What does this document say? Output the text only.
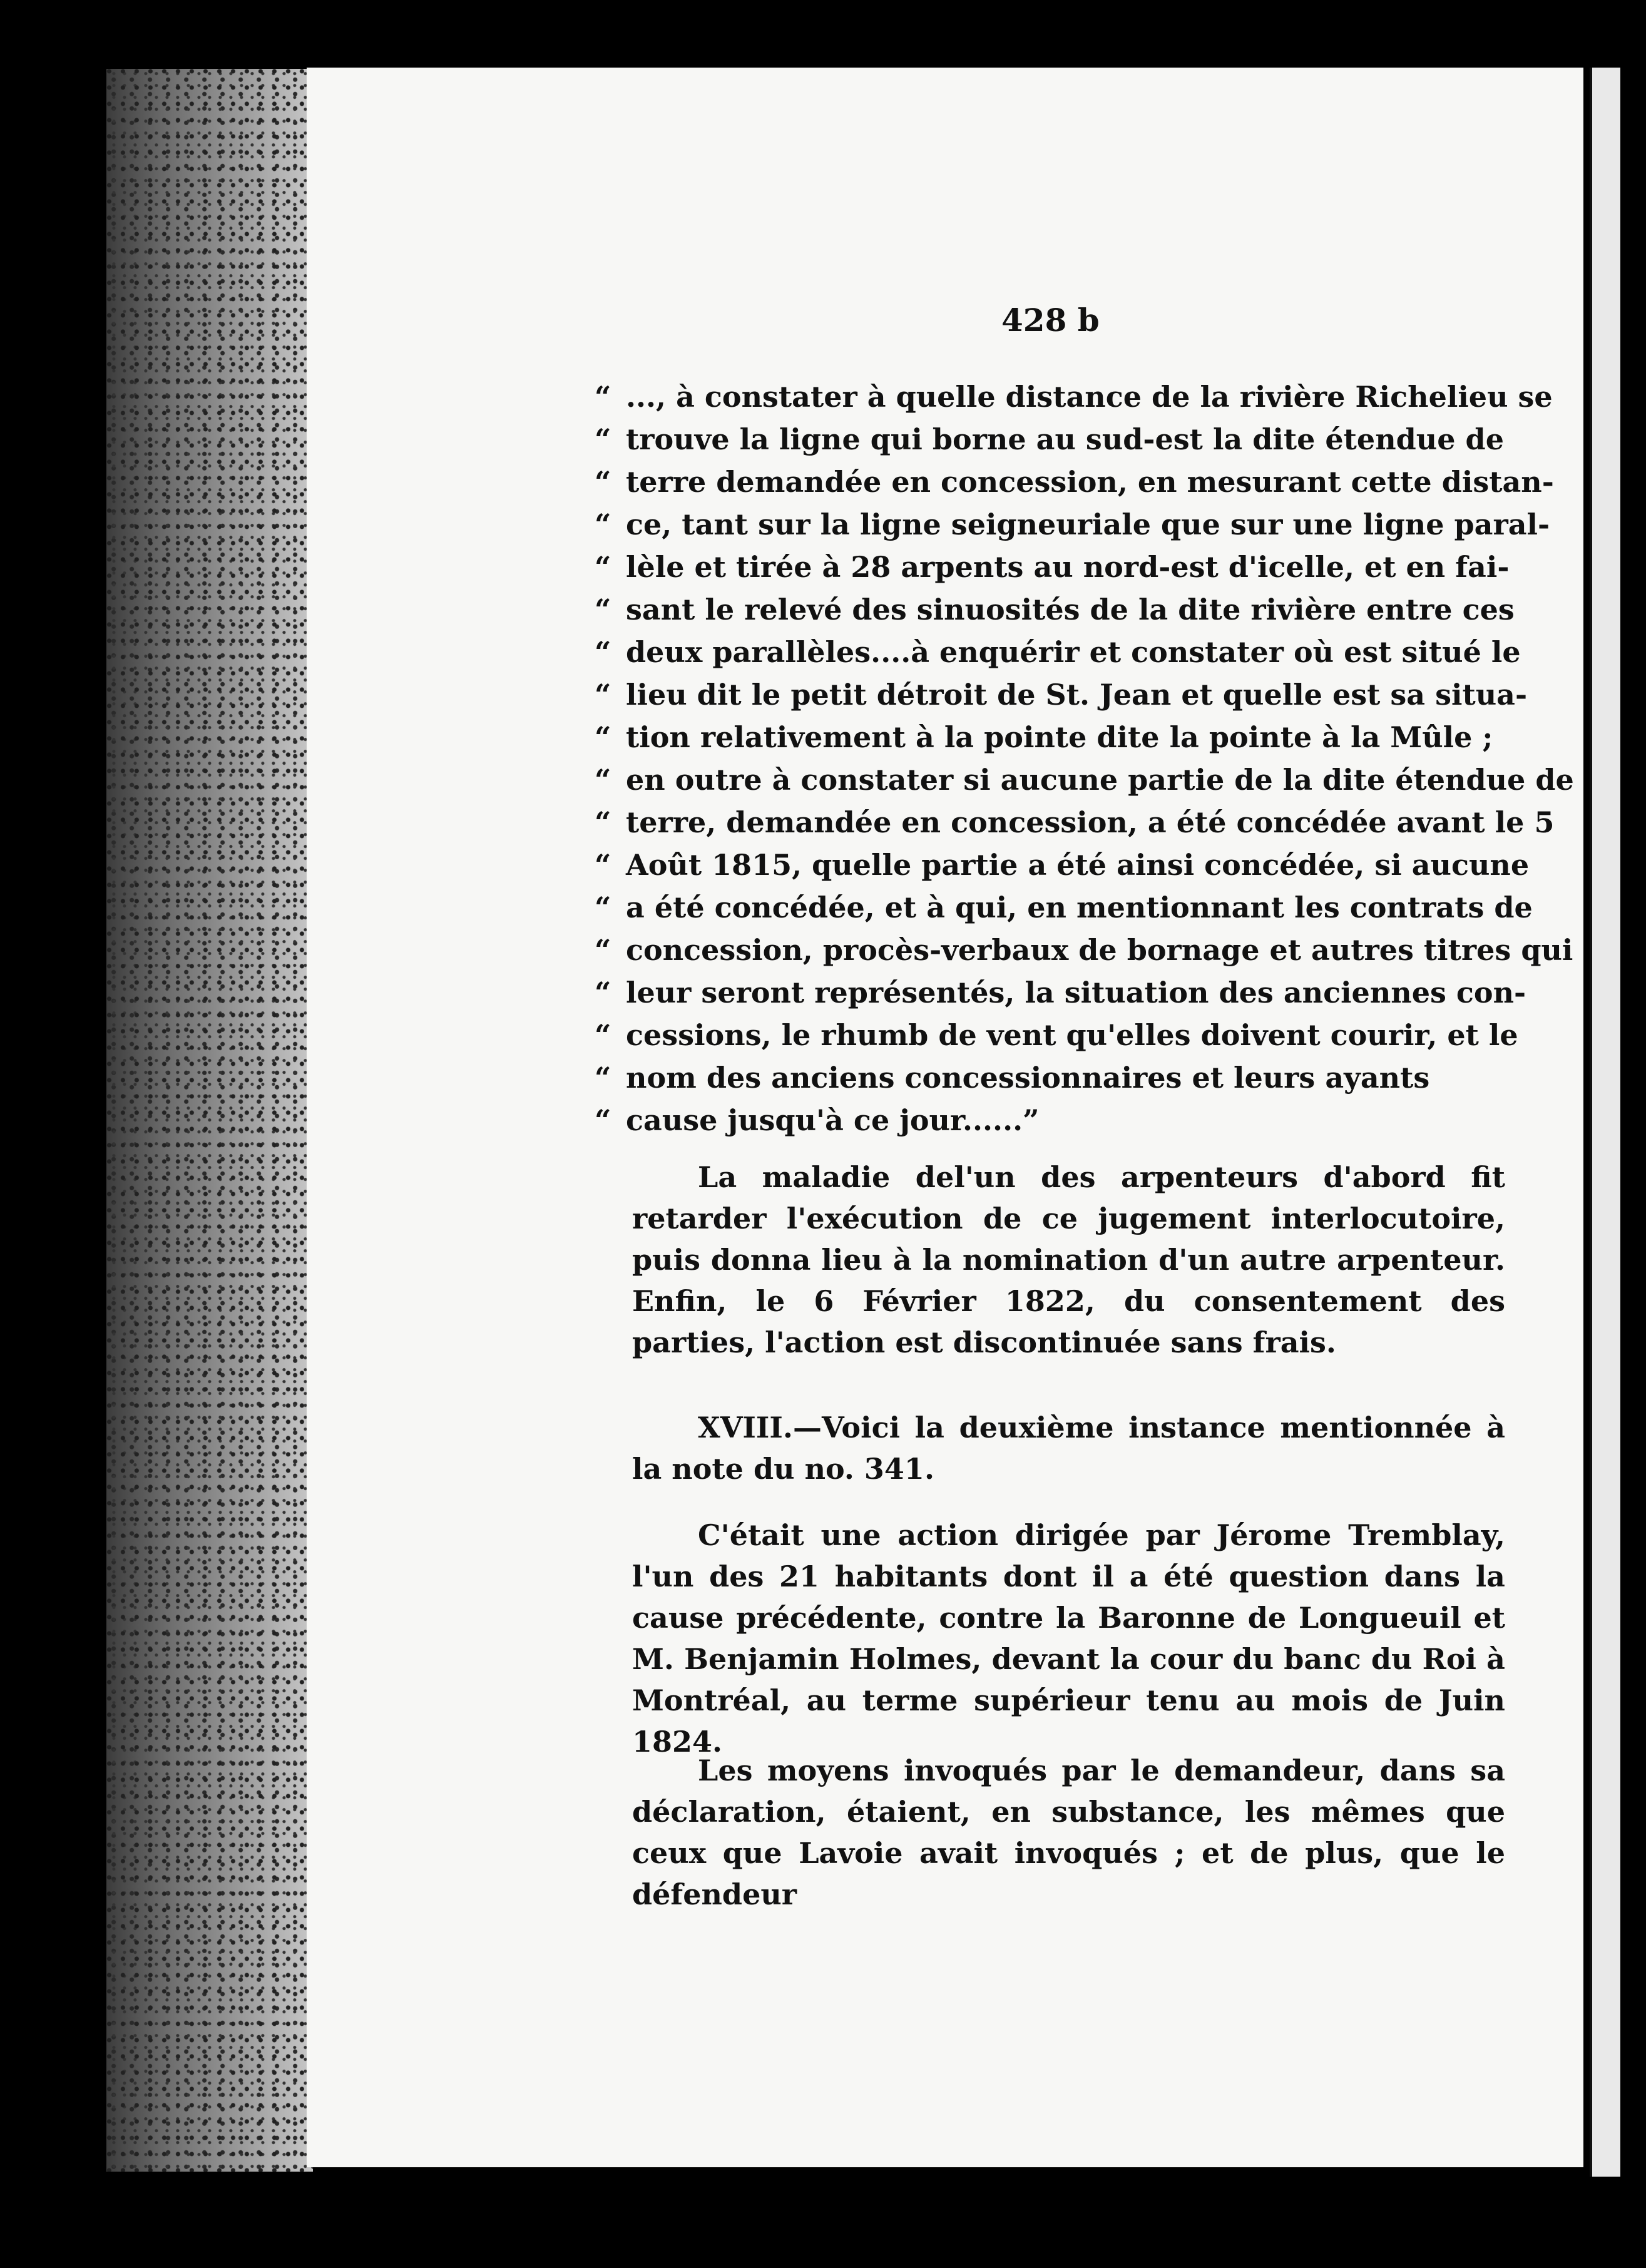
428 b
“ ..., à constater à quelle distance de la rivière Richelieu se
“ trouve la ligne qui borne au sud-est la dite étendue de
“ terre demandée en concession, en mesurant cette distan-
“ ce, tant sur la ligne seigneuriale que sur une ligne paral-
“ lèle et tirée à 28 arpents au nord-est d'icelle, et en fai-
“ sant le relevé des sinuosités de la dite rivière entre ces
“ deux parallèles....à enquérir et constater où est situé le
“ lieu dit le petit détroit de St. Jean et quelle est sa situa-
“ tion relativement à la pointe dite la pointe à la Mûle ;
“ en outre à constater si aucune partie de la dite étendue de
“ terre, demandée en concession, a été concédée avant le 5
“ Août 1815, quelle partie a été ainsi concédée, si aucune
“ a été concédée, et à qui, en mentionnant les contrats de
“ concession, procès-verbaux de bornage et autres titres qui
“ leur seront représentés, la situation des anciennes con-
“ cessions, le rhumb de vent qu'elles doivent courir, et le
“ nom des anciens concessionnaires et leurs ayants
“ cause jusqu'à ce jour......”

La maladie del'un des arpenteurs d'abord fit retarder l'exécution de ce jugement interlocutoire, puis donna lieu à la nomination d'un autre arpenteur. Enfin, le 6 Février 1822, du consentement des parties, l'action est discontinuée sans frais.

XVIII.—Voici la deuxième instance mentionnée à la note du no. 341.

C'était une action dirigée par Jérome Tremblay, l'un des 21 habitants dont il a été question dans la cause précédente, contre la Baronne de Longueuil et M. Benjamin Holmes, devant la cour du banc du Roi à Montréal, au terme supérieur tenu au mois de Juin 1824.

Les moyens invoqués par le demandeur, dans sa déclaration, étaient, en substance, les mêmes que ceux que Lavoie avait invoqués ; et de plus, que le défendeur
